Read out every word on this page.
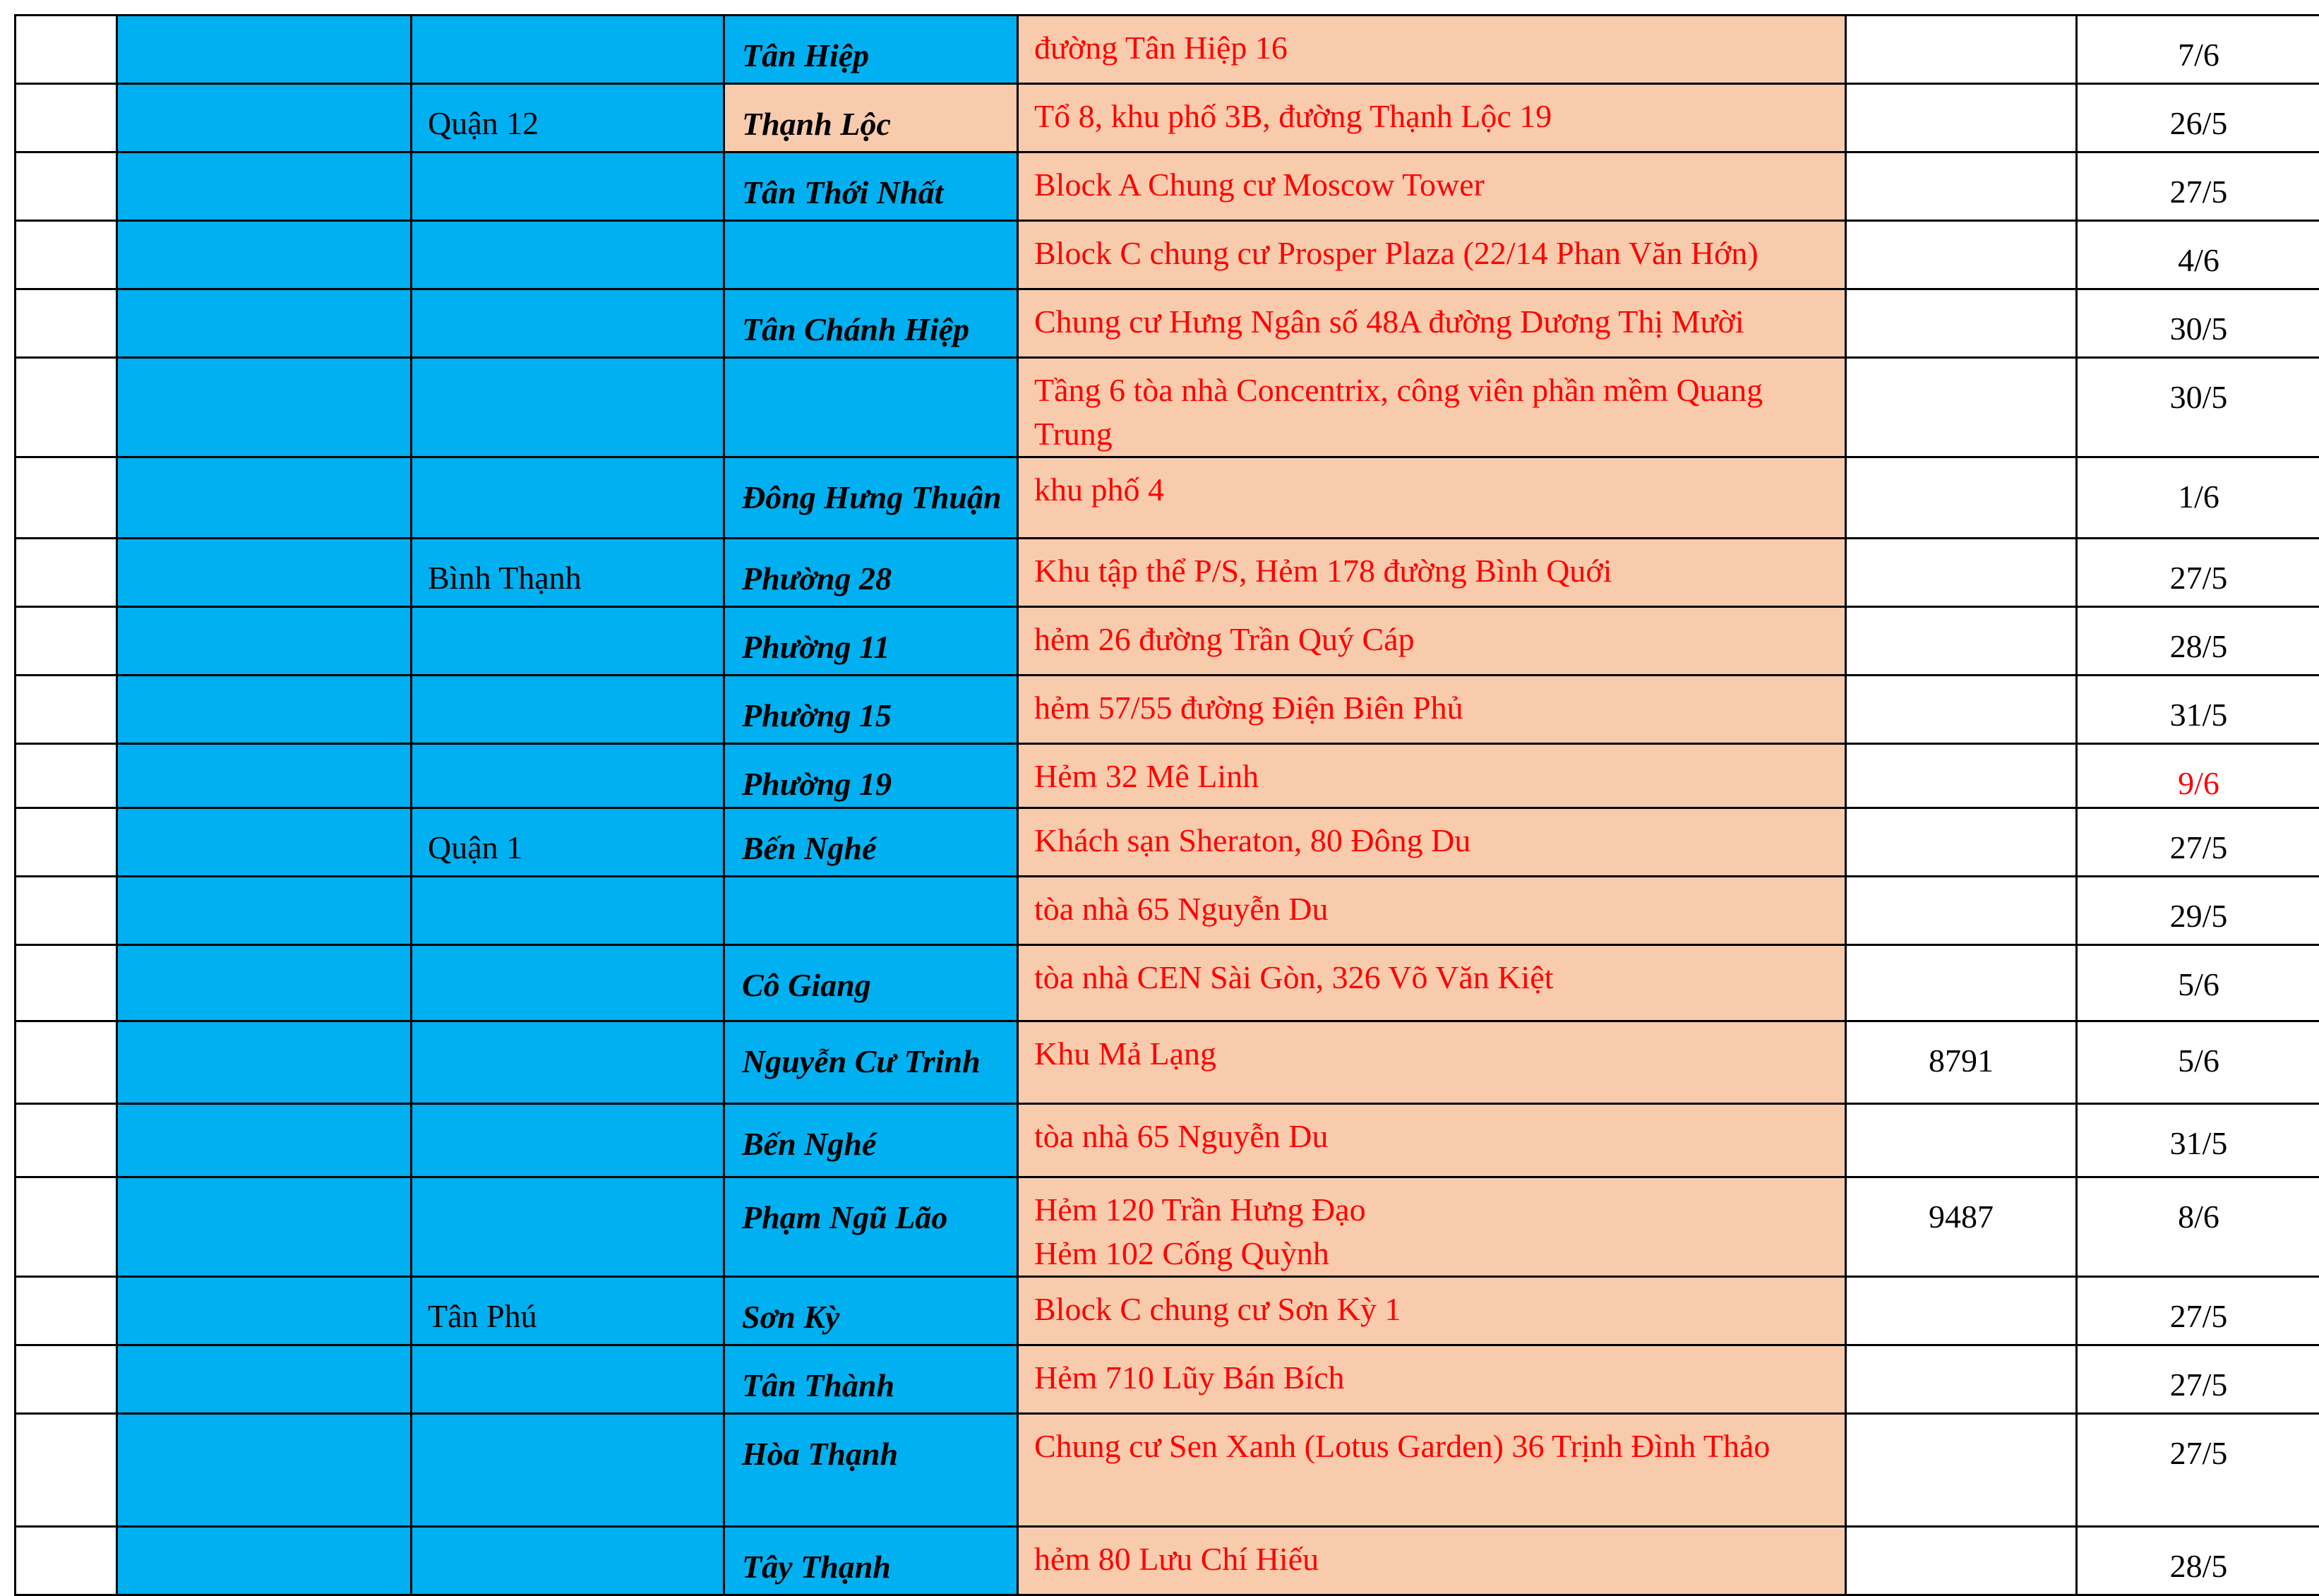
			Tân Hiệp	đường Tân Hiệp 16		7/6

		Quận 12	Thạnh Lộc	Tổ 8, khu phố 3B, đường Thạnh Lộc 19		26/5

			Tân Thới Nhất	Block A Chung cư Moscow Tower		27/5

				Block C chung cư Prosper Plaza (22/14 Phan Văn Hớn)		4/6

			Tân Chánh Hiệp	Chung cư Hưng Ngân số 48A đường Dương Thị Mười		30/5

				Tầng 6 tòa nhà Concentrix, công viên phần mềm Quang Trung		30/5

			Đông Hưng Thuận	khu phố 4		1/6

		Bình Thạnh	Phường 28	Khu tập thể P/S, Hẻm 178 đường Bình Quới		27/5

			Phường 11	hẻm 26 đường Trần Quý Cáp		28/5

			Phường 15	hẻm 57/55 đường Điện Biên Phủ		31/5

			Phường 19	Hẻm 32 Mê Linh		9/6

		Quận 1	Bến Nghé	Khách sạn Sheraton, 80 Đông Du		27/5

				tòa nhà 65 Nguyễn Du		29/5

			Cô Giang	tòa nhà CEN Sài Gòn, 326 Võ Văn Kiệt		5/6

			Nguyễn Cư Trinh	Khu Mả Lạng	8791	5/6

			Bến Nghé	tòa nhà 65 Nguyễn Du		31/5

			Phạm Ngũ Lão	Hẻm 120 Trần Hưng Đạo
Hẻm 102 Cống Quỳnh	9487	8/6

		Tân Phú	Sơn Kỳ	Block C chung cư Sơn Kỳ 1		27/5

			Tân Thành	Hẻm 710 Lũy Bán Bích		27/5

			Hòa Thạnh	Chung cư Sen Xanh (Lotus Garden) 36 Trịnh Đình Thảo		27/5

			Tây Thạnh	hẻm 80 Lưu Chí Hiếu		28/5
